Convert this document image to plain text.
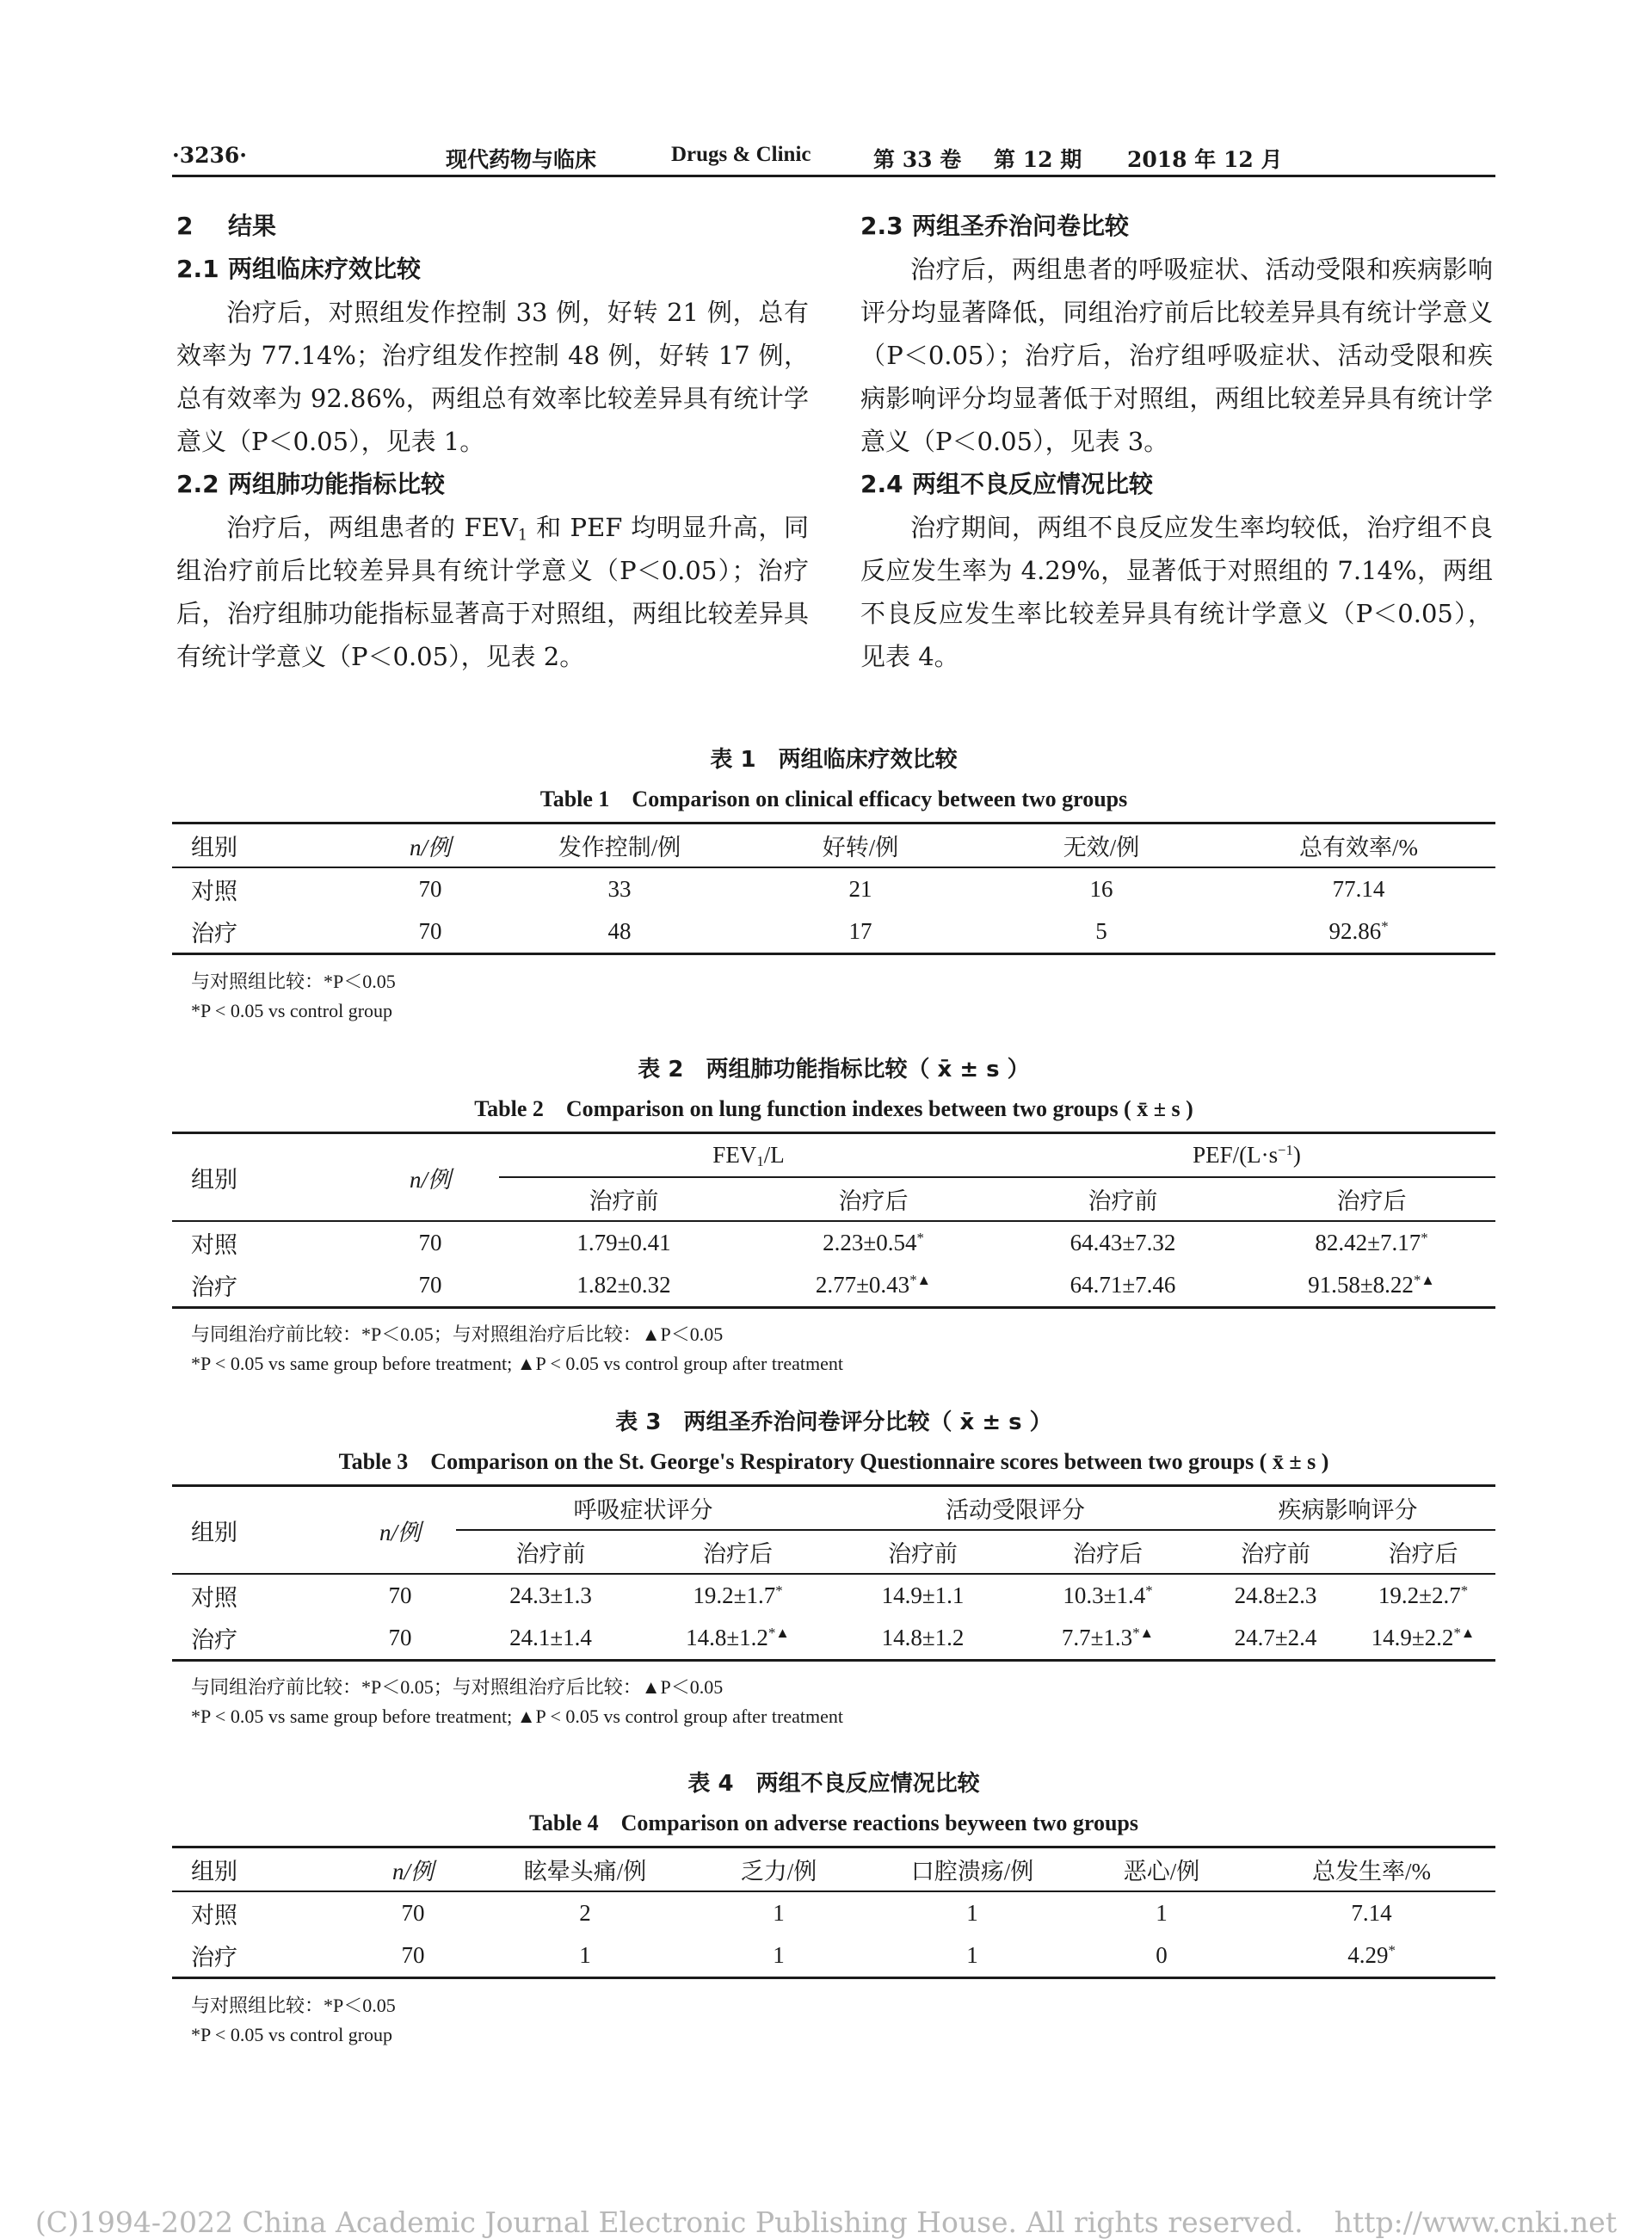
·3236·	现代药物与临床	Drugs & Clinic	第 33 卷 第 12 期 2018 年 12 月

2 结果

2.1 两组临床疗效比较

治疗后，对照组发作控制 33 例，好转 21 例，总有效率为 77.14%；治疗组发作控制 48 例，好转 17 例，总有效率为 92.86%，两组总有效率比较差异具有统计学意义（P＜0.05），见表 1。

2.2 两组肺功能指标比较

治疗后，两组患者的 $FEV_1$ 和 PEF 均明显升高，同组治疗前后比较差异具有统计学意义（P＜0.05）；治疗后，治疗组肺功能指标显著高于对照组，两组比较差异具有统计学意义（P＜0.05），见表 2。

2.3 两组圣乔治问卷比较

治疗后，两组患者的呼吸症状、活动受限和疾病影响评分均显著降低，同组治疗前后比较差异具有统计学意义（P＜0.05）；治疗后，治疗组呼吸症状、活动受限和疾病影响评分均显著低于对照组，两组比较差异具有统计学意义（P＜0.05），见表 3。

2.4 两组不良反应情况比较

治疗期间，两组不良反应发生率均较低，治疗组不良反应发生率为 4.29%，显著低于对照组的 7.14%，两组不良反应发生率比较差异具有统计学意义（P＜0.05），见表 4。

表 1　两组临床疗效比较
Table 1　Comparison on clinical efficacy between two groups
组别	n/例	发作控制/例	好转/例	无效/例	总有效率/%
对照	70	33	21	16	77.14
治疗	70	48	17	5	92.86*
与对照组比较：*P＜0.05
*P < 0.05 vs control group
表 2　两组肺功能指标比较（ x̄ ± s ）
Table 2　Comparison on lung function indexes between two groups ( x̄ ± s )
组别	n/例	$FEV_1/L$		PEF/$(L\cdot s^{-1})$	
		治疗前	治疗后	治疗前	治疗后
对照	70	1.79±0.41	2.23±0.54*	64.43±7.32	82.42±7.17*
治疗	70	1.82±0.32	2.77±0.43*▲	64.71±7.46	91.58±8.22*▲
与同组治疗前比较：*P＜0.05；与对照组治疗后比较：▲P＜0.05
*P < 0.05 vs same group before treatment; ▲P < 0.05 vs control group after treatment
表 3　两组圣乔治问卷评分比较（ x̄ ± s ）
Table 3　Comparison on the St. George's Respiratory Questionnaire scores between two groups ( x̄ ± s )
组别	n/例	呼吸症状评分		活动受限评分		疾病影响评分	
		治疗前	治疗后	治疗前	治疗后	治疗前	治疗后
对照	70	24.3±1.3	19.2±1.7*	14.9±1.1	10.3±1.4*	24.8±2.3	19.2±2.7*
治疗	70	24.1±1.4	14.8±1.2*▲	14.8±1.2	7.7±1.3*▲	24.7±2.4	14.9±2.2*▲
与同组治疗前比较：*P＜0.05；与对照组治疗后比较：▲P＜0.05
*P < 0.05 vs same group before treatment; ▲P < 0.05 vs control group after treatment
表 4　两组不良反应情况比较
Table 4　Comparison on adverse reactions beyween two groups
组别	n/例	眩晕头痛/例	乏力/例	口腔溃疡/例	恶心/例	总发生率/%
对照	70	2	1	1	1	7.14
治疗	70	1	1	1	0	4.29*
与对照组比较：*P＜0.05
*P < 0.05 vs control group
(C)1994-2022 China Academic Journal Electronic Publishing House. All rights reserved. http://www.cnki.net
